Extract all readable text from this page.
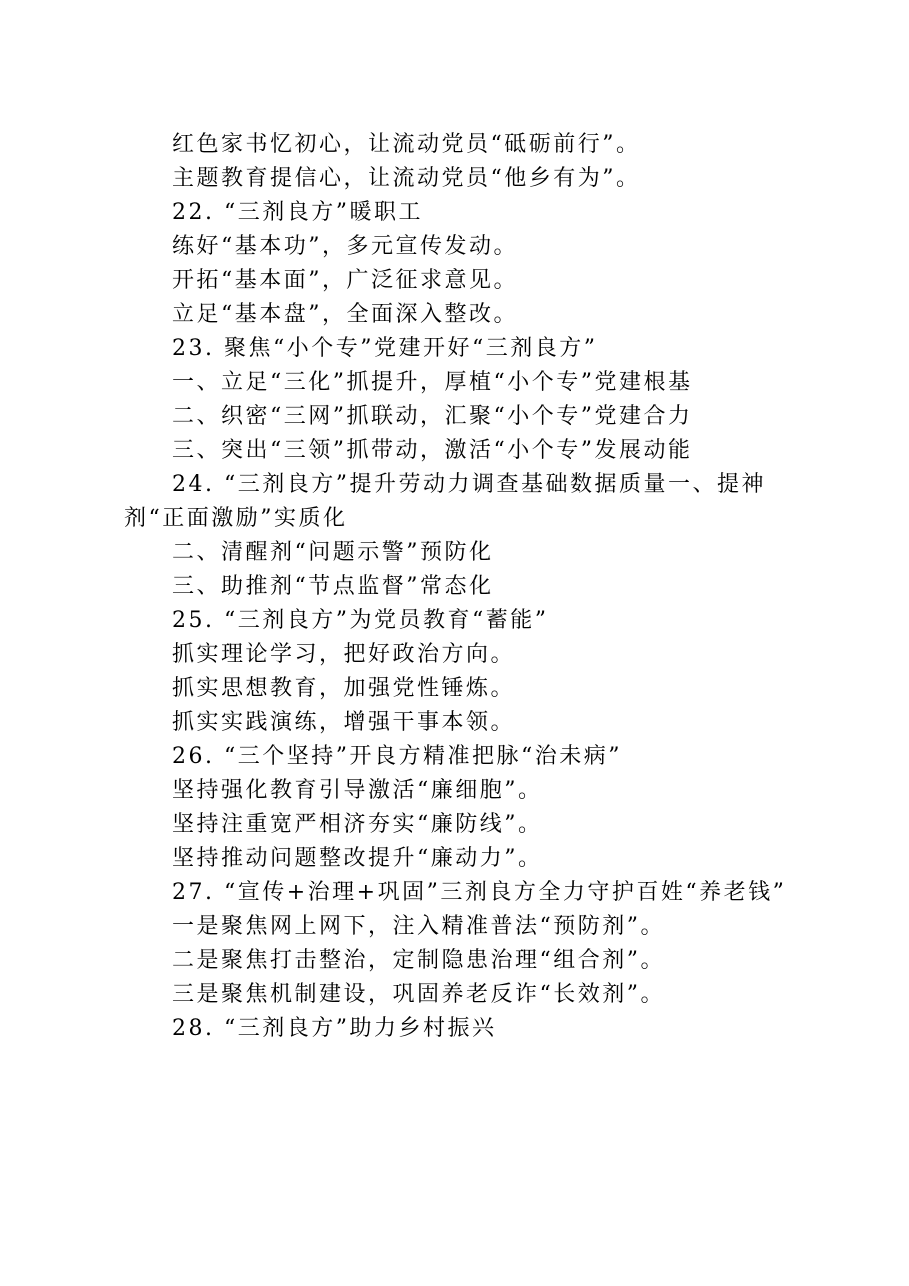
红色家书忆初心，让流动党员“砥砺前行”。

主题教育提信心，让流动党员“他乡有为”。

22. “三剂良方”暖职工

练好“基本功”，多元宣传发动。

开拓“基本面”，广泛征求意见。

立足“基本盘”，全面深入整改。

23. 聚焦“小个专”党建开好“三剂良方”

一、立足“三化”抓提升，厚植“小个专”党建根基

二、织密“三网”抓联动，汇聚“小个专”党建合力

三、突出“三领”抓带动，激活“小个专”发展动能

24. “三剂良方”提升劳动力调查基础数据质量一、提神剂“正面激励”实质化

二、清醒剂“问题示警”预防化

三、助推剂“节点监督”常态化

25. “三剂良方”为党员教育“蓄能”

抓实理论学习，把好政治方向。

抓实思想教育，加强党性锤炼。

抓实实践演练，增强干事本领。

26. “三个坚持”开良方精准把脉“治未病”

坚持强化教育引导激活“廉细胞”。

坚持注重宽严相济夯实“廉防线”。

坚持推动问题整改提升“廉动力”。

27. “宣传+治理+巩固”三剂良方全力守护百姓“养老钱”

一是聚焦网上网下，注入精准普法“预防剂”。

二是聚焦打击整治，定制隐患治理“组合剂”。

三是聚焦机制建设，巩固养老反诈“长效剂”。

28. “三剂良方”助力乡村振兴
